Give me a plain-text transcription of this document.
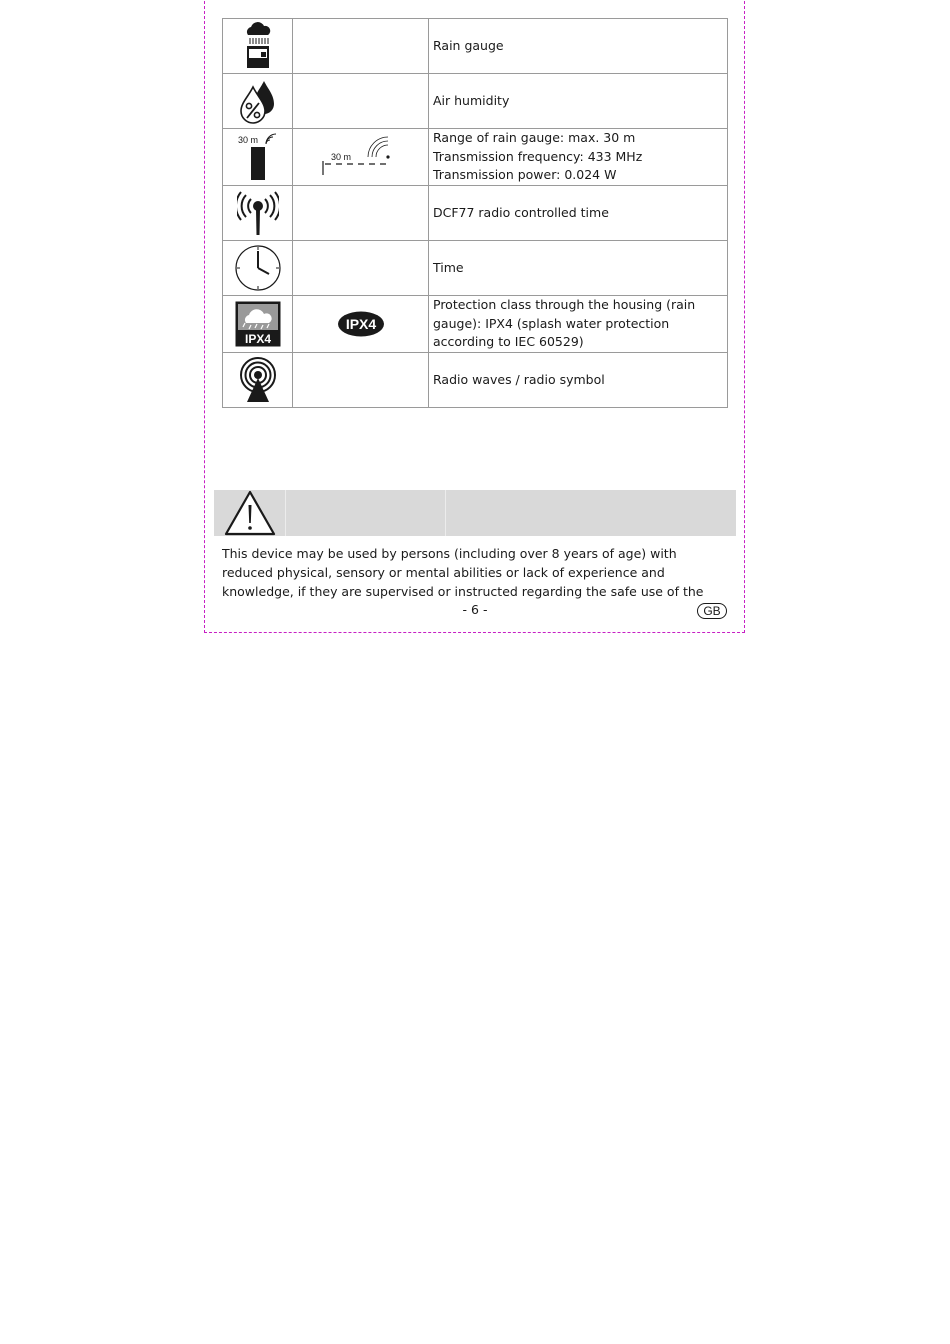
		Rain gauge

		Air humidity

30 m	30 m	Range of rain gauge: max. 30 m
Transmission frequency: 433 MHz
Transmission power: 0.024 W

		DCF77 radio controlled time

		Time

IPX4	IPX4	Protection class through the housing (rain
gauge): IPX4 (splash water protection
according to IEC 60529)

		Radio waves / radio symbol
This device may be used by persons (including over 8 years of age) with
reduced physical, sensory or mental abilities or lack of experience and
knowledge, if they are supervised or instructed regarding the safe use of the
- 6 -	GB
